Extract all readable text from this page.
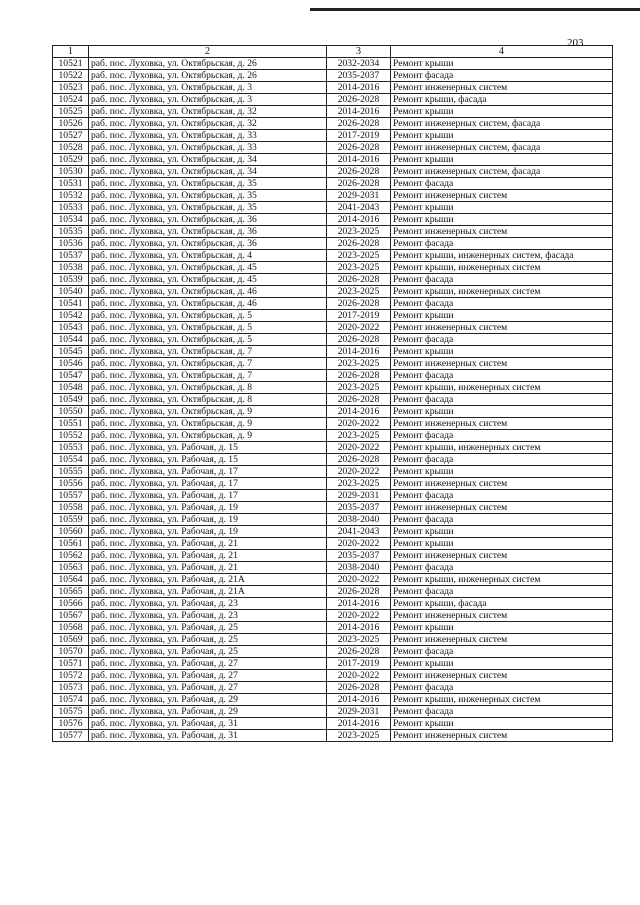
203
1	2	3	4
10521	раб. пос. Луховка, ул. Октябрьская, д. 26	2032-2034	Ремонт крыши
10522	раб. пос. Луховка, ул. Октябрьская, д. 26	2035-2037	Ремонт фасада
10523	раб. пос. Луховка, ул. Октябрьская, д. 3	2014-2016	Ремонт инженерных систем
10524	раб. пос. Луховка, ул. Октябрьская, д. 3	2026-2028	Ремонт крыши, фасада
10525	раб. пос. Луховка, ул. Октябрьская, д. 32	2014-2016	Ремонт крыши
10526	раб. пос. Луховка, ул. Октябрьская, д. 32	2026-2028	Ремонт инженерных систем, фасада
10527	раб. пос. Луховка, ул. Октябрьская, д. 33	2017-2019	Ремонт крыши
10528	раб. пос. Луховка, ул. Октябрьская, д. 33	2026-2028	Ремонт инженерных систем, фасада
10529	раб. пос. Луховка, ул. Октябрьская, д. 34	2014-2016	Ремонт крыши
10530	раб. пос. Луховка, ул. Октябрьская, д. 34	2026-2028	Ремонт инженерных систем, фасада
10531	раб. пос. Луховка, ул. Октябрьская, д. 35	2026-2028	Ремонт фасада
10532	раб. пос. Луховка, ул. Октябрьская, д. 35	2029-2031	Ремонт инженерных систем
10533	раб. пос. Луховка, ул. Октябрьская, д. 35	2041-2043	Ремонт крыши
10534	раб. пос. Луховка, ул. Октябрьская, д. 36	2014-2016	Ремонт крыши
10535	раб. пос. Луховка, ул. Октябрьская, д. 36	2023-2025	Ремонт инженерных систем
10536	раб. пос. Луховка, ул. Октябрьская, д. 36	2026-2028	Ремонт фасада
10537	раб. пос. Луховка, ул. Октябрьская, д. 4	2023-2025	Ремонт крыши, инженерных систем, фасада
10538	раб. пос. Луховка, ул. Октябрьская, д. 45	2023-2025	Ремонт крыши, инженерных систем
10539	раб. пос. Луховка, ул. Октябрьская, д. 45	2026-2028	Ремонт фасада
10540	раб. пос. Луховка, ул. Октябрьская, д. 46	2023-2025	Ремонт крыши, инженерных систем
10541	раб. пос. Луховка, ул. Октябрьская, д. 46	2026-2028	Ремонт фасада
10542	раб. пос. Луховка, ул. Октябрьская, д. 5	2017-2019	Ремонт крыши
10543	раб. пос. Луховка, ул. Октябрьская, д. 5	2020-2022	Ремонт инженерных систем
10544	раб. пос. Луховка, ул. Октябрьская, д. 5	2026-2028	Ремонт фасада
10545	раб. пос. Луховка, ул. Октябрьская, д. 7	2014-2016	Ремонт крыши
10546	раб. пос. Луховка, ул. Октябрьская, д. 7	2023-2025	Ремонт инженерных систем
10547	раб. пос. Луховка, ул. Октябрьская, д. 7	2026-2028	Ремонт фасада
10548	раб. пос. Луховка, ул. Октябрьская, д. 8	2023-2025	Ремонт крыши, инженерных систем
10549	раб. пос. Луховка, ул. Октябрьская, д. 8	2026-2028	Ремонт фасада
10550	раб. пос. Луховка, ул. Октябрьская, д. 9	2014-2016	Ремонт крыши
10551	раб. пос. Луховка, ул. Октябрьская, д. 9	2020-2022	Ремонт инженерных систем
10552	раб. пос. Луховка, ул. Октябрьская, д. 9	2023-2025	Ремонт фасада
10553	раб. пос. Луховка, ул. Рабочая, д. 15	2020-2022	Ремонт крыши, инженерных систем
10554	раб. пос. Луховка, ул. Рабочая, д. 15	2026-2028	Ремонт фасада
10555	раб. пос. Луховка, ул. Рабочая, д. 17	2020-2022	Ремонт крыши
10556	раб. пос. Луховка, ул. Рабочая, д. 17	2023-2025	Ремонт инженерных систем
10557	раб. пос. Луховка, ул. Рабочая, д. 17	2029-2031	Ремонт фасада
10558	раб. пос. Луховка, ул. Рабочая, д. 19	2035-2037	Ремонт инженерных систем
10559	раб. пос. Луховка, ул. Рабочая, д. 19	2038-2040	Ремонт фасада
10560	раб. пос. Луховка, ул. Рабочая, д. 19	2041-2043	Ремонт крыши
10561	раб. пос. Луховка, ул. Рабочая, д. 21	2020-2022	Ремонт крыши
10562	раб. пос. Луховка, ул. Рабочая, д. 21	2035-2037	Ремонт инженерных систем
10563	раб. пос. Луховка, ул. Рабочая, д. 21	2038-2040	Ремонт фасада
10564	раб. пос. Луховка, ул. Рабочая, д. 21А	2020-2022	Ремонт крыши, инженерных систем
10565	раб. пос. Луховка, ул. Рабочая, д. 21А	2026-2028	Ремонт фасада
10566	раб. пос. Луховка, ул. Рабочая, д. 23	2014-2016	Ремонт крыши, фасада
10567	раб. пос. Луховка, ул. Рабочая, д. 23	2020-2022	Ремонт инженерных систем
10568	раб. пос. Луховка, ул. Рабочая, д. 25	2014-2016	Ремонт крыши
10569	раб. пос. Луховка, ул. Рабочая, д. 25	2023-2025	Ремонт инженерных систем
10570	раб. пос. Луховка, ул. Рабочая, д. 25	2026-2028	Ремонт фасада
10571	раб. пос. Луховка, ул. Рабочая, д. 27	2017-2019	Ремонт крыши
10572	раб. пос. Луховка, ул. Рабочая, д. 27	2020-2022	Ремонт инженерных систем
10573	раб. пос. Луховка, ул. Рабочая, д. 27	2026-2028	Ремонт фасада
10574	раб. пос. Луховка, ул. Рабочая, д. 29	2014-2016	Ремонт крыши, инженерных систем
10575	раб. пос. Луховка, ул. Рабочая, д. 29	2029-2031	Ремонт фасада
10576	раб. пос. Луховка, ул. Рабочая, д. 31	2014-2016	Ремонт крыши
10577	раб. пос. Луховка, ул. Рабочая, д. 31	2023-2025	Ремонт инженерных систем
